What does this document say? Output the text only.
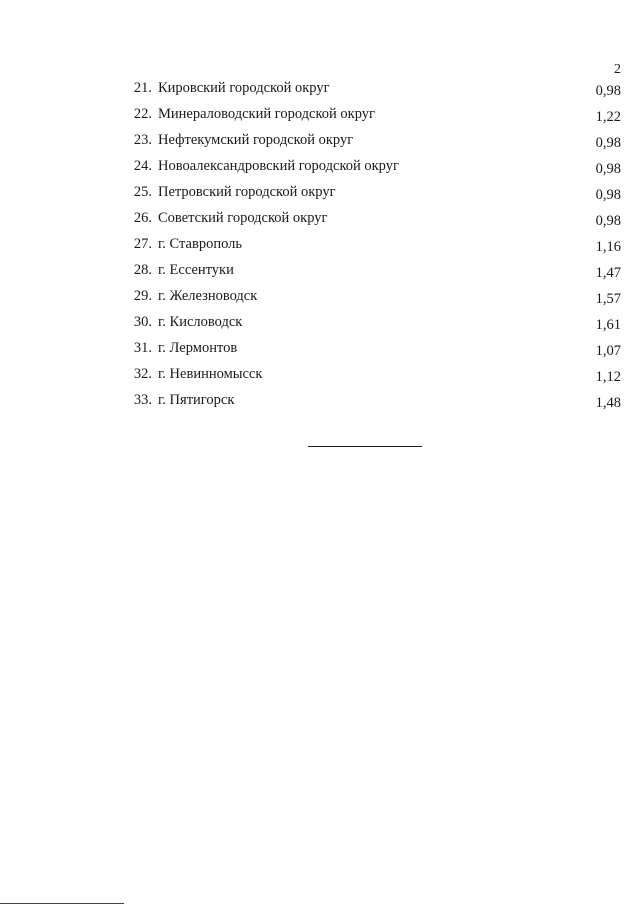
2
21. Кировский городской округ	0,98
22. Минераловодский городской округ	1,22
23. Нефтекумский городской округ	0,98
24. Новоалександровский городской округ	0,98
25. Петровский городской округ	0,98
26. Советский городской округ	0,98
27. г. Ставрополь	1,16
28. г. Ессентуки	1,47
29. г. Железноводск	1,57
30. г. Кисловодск	1,61
31. г. Лермонтов	1,07
32. г. Невинномысск	1,12
33. г. Пятигорск	1,48
